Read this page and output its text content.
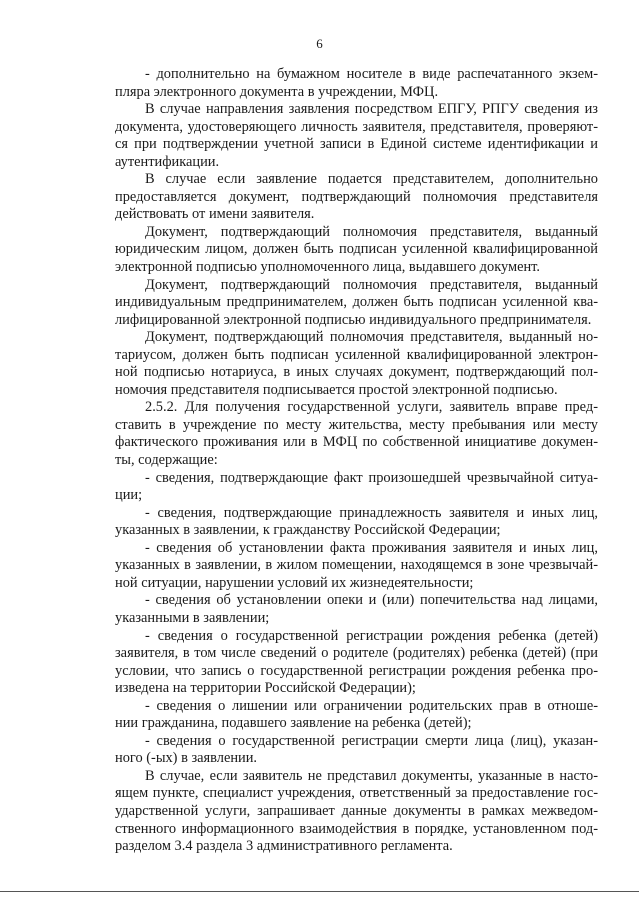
6
- дополнительно на бумажном носителе в виде распечатанного экзем-
пляра электронного документа в учреждении, МФЦ.
В случае направления заявления посредством ЕПГУ, РПГУ сведения из
документа, удостоверяющего личность заявителя, представителя, проверяют-
ся при подтверждении учетной записи в Единой системе идентификации и
аутентификации.
В случае если заявление подается представителем, дополнительно
предоставляется документ, подтверждающий полномочия представителя
действовать от имени заявителя.
Документ, подтверждающий полномочия представителя, выданный
юридическим лицом, должен быть подписан усиленной квалифицированной
электронной подписью уполномоченного лица, выдавшего документ.
Документ, подтверждающий полномочия представителя, выданный
индивидуальным предпринимателем, должен быть подписан усиленной ква-
лифицированной электронной подписью индивидуального предпринимателя.
Документ, подтверждающий полномочия представителя, выданный но-
тариусом, должен быть подписан усиленной квалифицированной электрон-
ной подписью нотариуса, в иных случаях документ, подтверждающий пол-
номочия представителя подписывается простой электронной подписью.
2.5.2. Для получения государственной услуги, заявитель вправе пред-
ставить в учреждение по месту жительства, месту пребывания или месту
фактического проживания или в МФЦ по собственной инициативе докумен-
ты, содержащие:
- сведения, подтверждающие факт произошедшей чрезвычайной ситуа-
ции;
- сведения, подтверждающие принадлежность заявителя и иных лиц,
указанных в заявлении, к гражданству Российской Федерации;
- сведения об установлении факта проживания заявителя и иных лиц,
указанных в заявлении, в жилом помещении, находящемся в зоне чрезвычай-
ной ситуации, нарушении условий их жизнедеятельности;
- сведения об установлении опеки и (или) попечительства над лицами,
указанными в заявлении;
- сведения о государственной регистрации рождения ребенка (детей)
заявителя, в том числе сведений о родителе (родителях) ребенка (детей) (при
условии, что запись о государственной регистрации рождения ребенка про-
изведена на территории Российской Федерации);
- сведения о лишении или ограничении родительских прав в отноше-
нии гражданина, подавшего заявление на ребенка (детей);
- сведения о государственной регистрации смерти лица (лиц), указан-
ного (-ых) в заявлении.
В случае, если заявитель не представил документы, указанные в насто-
ящем пункте, специалист учреждения, ответственный за предоставление гос-
ударственной услуги, запрашивает данные документы в рамках межведом-
ственного информационного взаимодействия в порядке, установленном под-
разделом 3.4 раздела 3 административного регламента.
